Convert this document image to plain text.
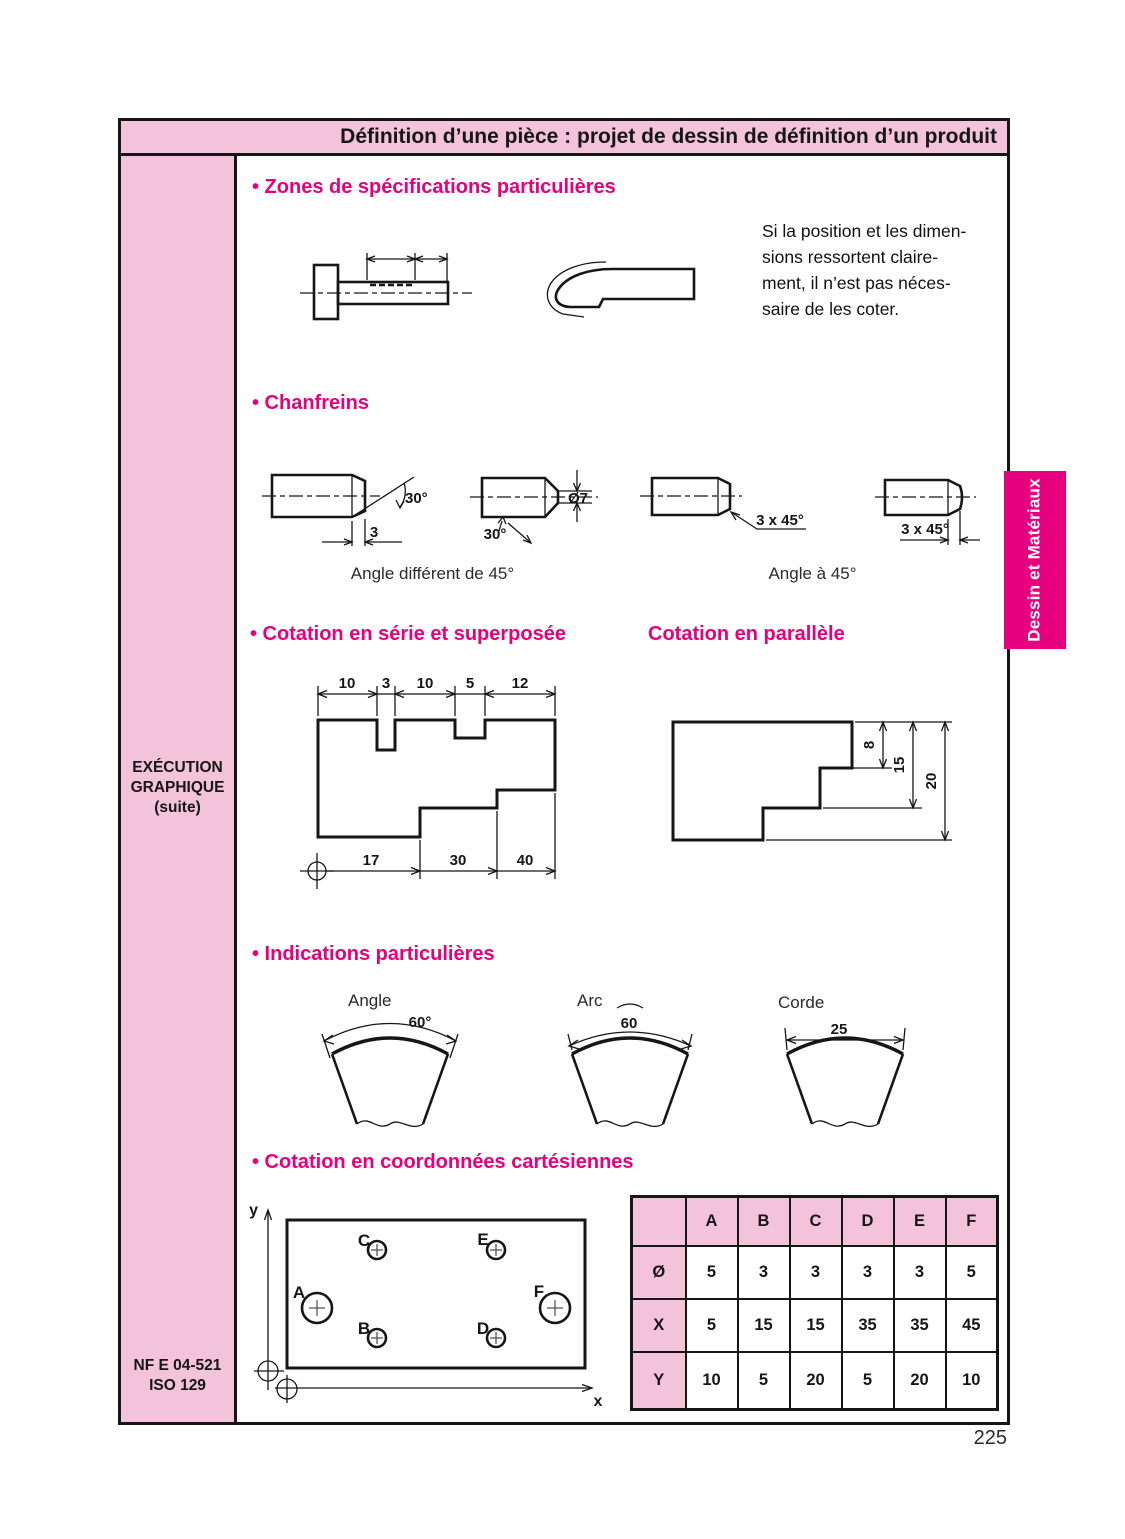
Définition d’une pièce : projet de dessin de définition d’un produit
EXÉCUTION
GRAPHIQUE
(suite)
NF E 04-521
ISO 129
Dessin et Matériaux
• Zones de spécifications particulières
• Chanfreins
• Cotation en série et superposée	Cotation en parallèle
• Indications particulières
• Cotation en coordonnées cartésiennes
Si la position et les dimen-
sions ressortent claire-
ment, il n’est pas néces-
saire de les coter.
30°
3
Ø7
30°
3 x 45°
3 x 45°
Angle différent de 45°	Angle à 45°
10 3 10 5 12
17	30	40
8
15
20
Angle	Arc	Corde
60°	60	25
y
x
A
B
C
D
E
F
	A	B	C	D	E	F
Ø	5	3	3	3	3	5
X	5	15	15	35	35	45
Y	10	5	20	5	20	10
225
